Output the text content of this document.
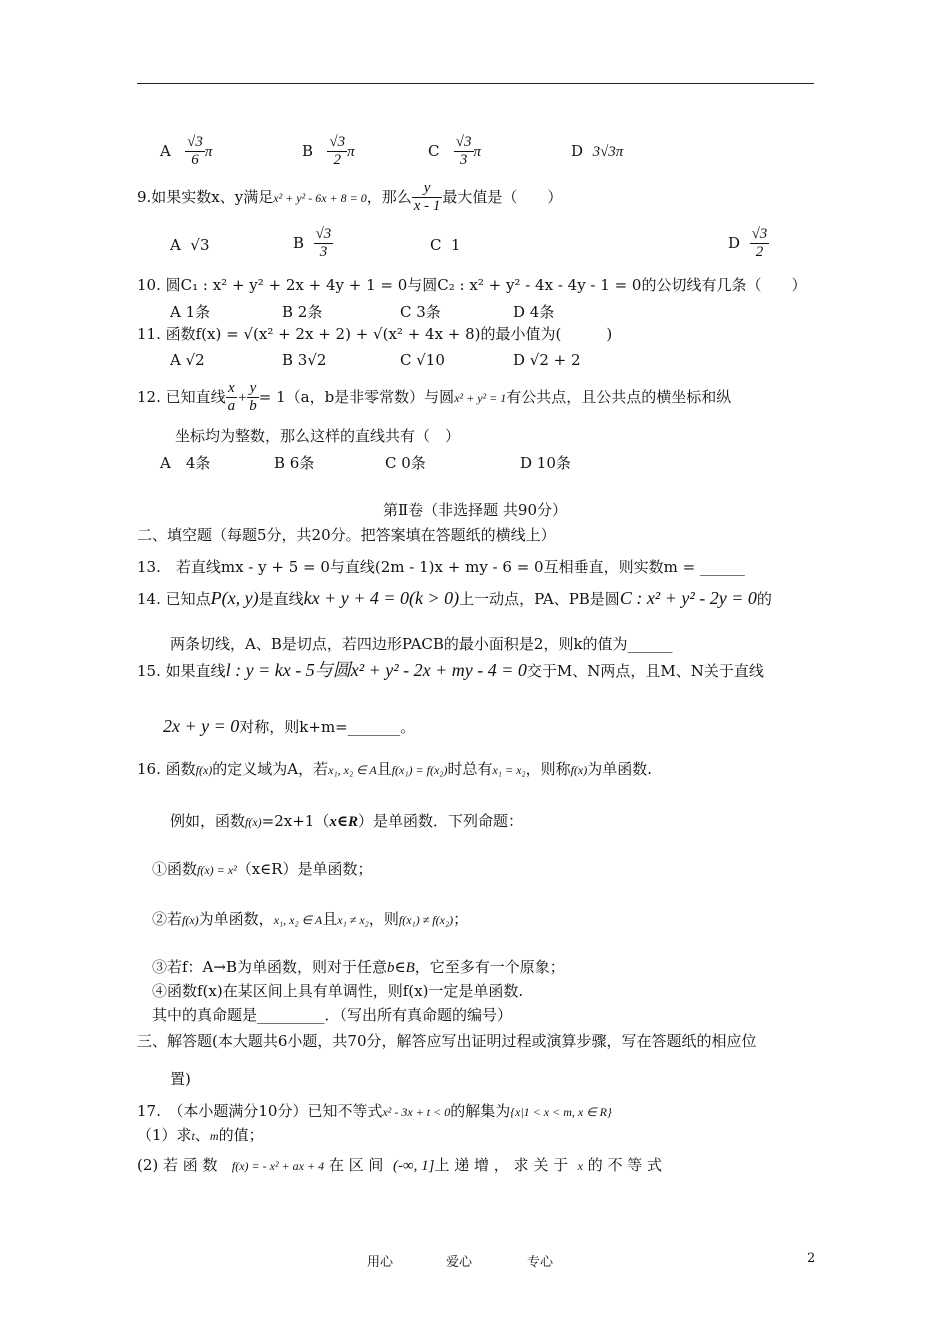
A $\frac{√3}{6}$ π	B $\frac{√3}{2}$ π	C $\frac{√3}{3}$ π	D 3√3π
9.如果实数x、y满足x² + y² - 6x + 8 = 0，那么 $\frac{y}{x - 1}$ 最大值是（　　）
A √3	B $\frac{√3}{3}$	C 1	D $\frac{√3}{2}$
10. 圆C₁ : x² + y² + 2x + 4y + 1 = 0与圆C₂ : x² + y² - 4x - 4y - 1 = 0的公切线有几条（　　）
A 1条	B 2条	C 3条	D 4条
11. 函数f(x) = √(x² + 2x + 2) + √(x² + 4x + 8)的最小值为(　　　)
A √2	B 3√2	C √10	D √2 + 2
12. 已知直线 $\frac{x}{a} + \frac{y}{b} = 1(a$，b是非零常数）与圆x² + y² = 1有公共点，且公共点的横坐标和纵
坐标均为整数，那么这样的直线共有（　）
A　4条	B 6条	C 0条	D 10条
第Ⅱ卷（非选择题 共90分）
二、填空题（每题5分，共20分。把答案填在答题纸的横线上）
13.　若直线mx - y + 5 = 0与直线(2m - 1)x + my - 6 = 0互相垂直，则实数m = ______
14. 已知点P(x, y)是直线kx + y + 4 = 0(k > 0)上一动点，PA、PB是圆C : x² + y² - 2y = 0的
两条切线，A、B是切点，若四边形PACB的最小面积是2，则k的值为______
15. 如果直线l : y = kx - 5与圆x² + y² - 2x + my - 4 = 0交于M、N两点，且M、N关于直线
2x + y = 0对称，则k+m=_______。
16. 函数f(x)的定义域为A，若x₁, x₂ ∈ A且f(x₁) = f(x₂)时总有x₁ = x₂，则称f(x)为单函数.
例如，函数f(x)=2x+1（x∈R）是单函数．下列命题：
①函数f(x) = x²（x∈R）是单函数；
②若f(x)为单函数，x₁, x₂ ∈ A且x₁ ≠ x₂，则f(x₁) ≠ f(x₂)；
③若f：A→B为单函数，则对于任意b∈B，它至多有一个原象；
④函数f(x)在某区间上具有单调性，则f(x)一定是单函数.
其中的真命题是_________．（写出所有真命题的编号）
三、解答题(本大题共6小题，共70分，解答应写出证明过程或演算步骤，写在答题纸的相应位
置)
17.　（本小题满分10分）已知不等式x² - 3x + t < 0的解集为{x|1 < x < m, x ∈ R}
（1）求t、m的值；
(2) 若 函 数 f(x) = - x² + ax + 4 在 区 间 (-∞, 1]上 递 增 ， 求 关 于 x 的 不 等 式
用心	爱心	专心	2
